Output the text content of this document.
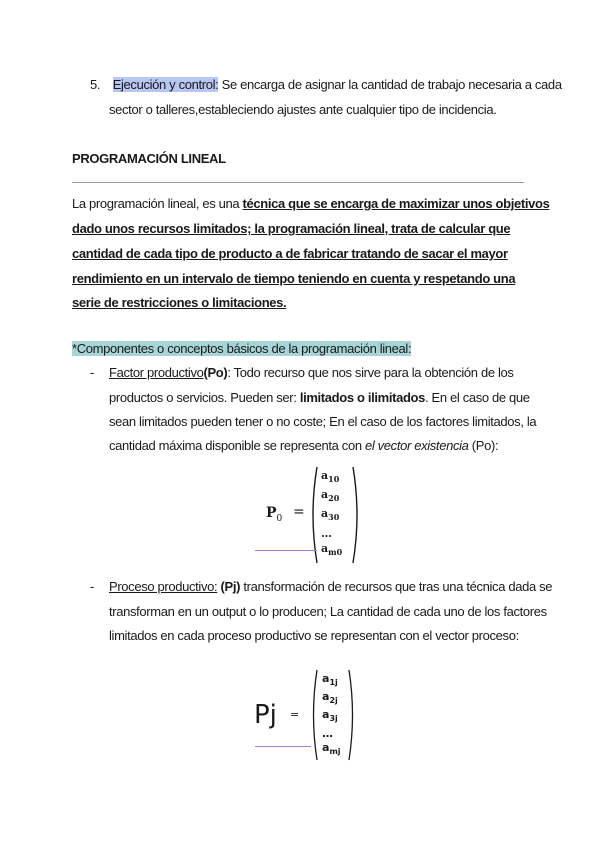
5. Ejecución y control: Se encarga de asignar la cantidad de trabajo necesaria a cada
sector o talleres,estableciendo ajustes ante cualquier tipo de incidencia.
PROGRAMACIÓN LINEAL
La programación lineal, es una técnica que se encarga de maximizar unos objetivos
dado unos recursos limitados; la programación lineal, trata de calcular que
cantidad de cada tipo de producto a de fabricar tratando de sacar el mayor
rendimiento en un intervalo de tiempo teniendo en cuenta y respetando una
serie de restricciones o limitaciones.
*Componentes o conceptos básicos de la programación lineal:
- Factor productivo(Po): Todo recurso que nos sirve para la obtención de los
productos o servicios. Pueden ser: limitados o ilimitados. En el caso de que
sean limitados pueden tener o no coste; En el caso de los factores limitados, la
cantidad máxima disponible se representa con el vector existencia (Po):
$P_0$ =
$a_{10}$
$a_{20}$
$a_{30}$
…
$a_{m0}$
- Proceso productivo: (Pj) transformación de recursos que tras una técnica dada se
transforman en un output o lo producen; La cantidad de cada uno de los factores
limitados en cada proceso productivo se representan con el vector proceso:
Pj =
$a_{1j}$
$a_{2j}$
$a_{3j}$
…
$a_{mj}$
